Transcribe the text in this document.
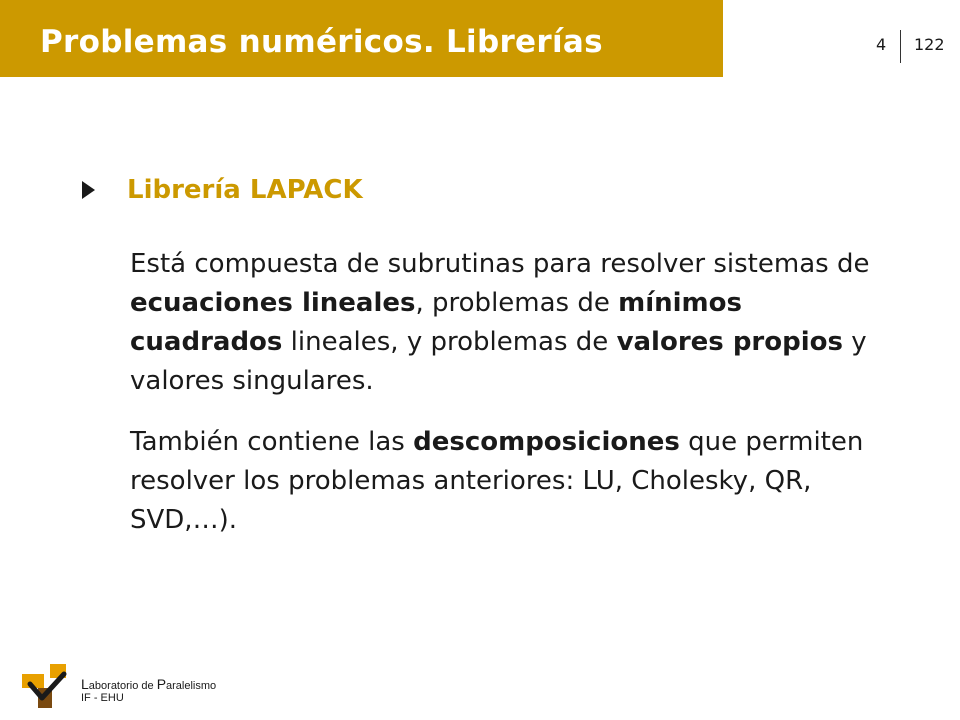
Problemas numéricos. Librerías	4 122
Librería LAPACK
Está compuesta de subrutinas para resolver sistemas de ecuaciones lineales, problemas de mínimos cuadrados lineales, y problemas de valores propios y valores singulares.
También contiene las descomposiciones que permiten resolver los problemas anteriores: LU, Cholesky, QR, SVD,…).
Laboratorio de Paralelismo
IF - EHU
